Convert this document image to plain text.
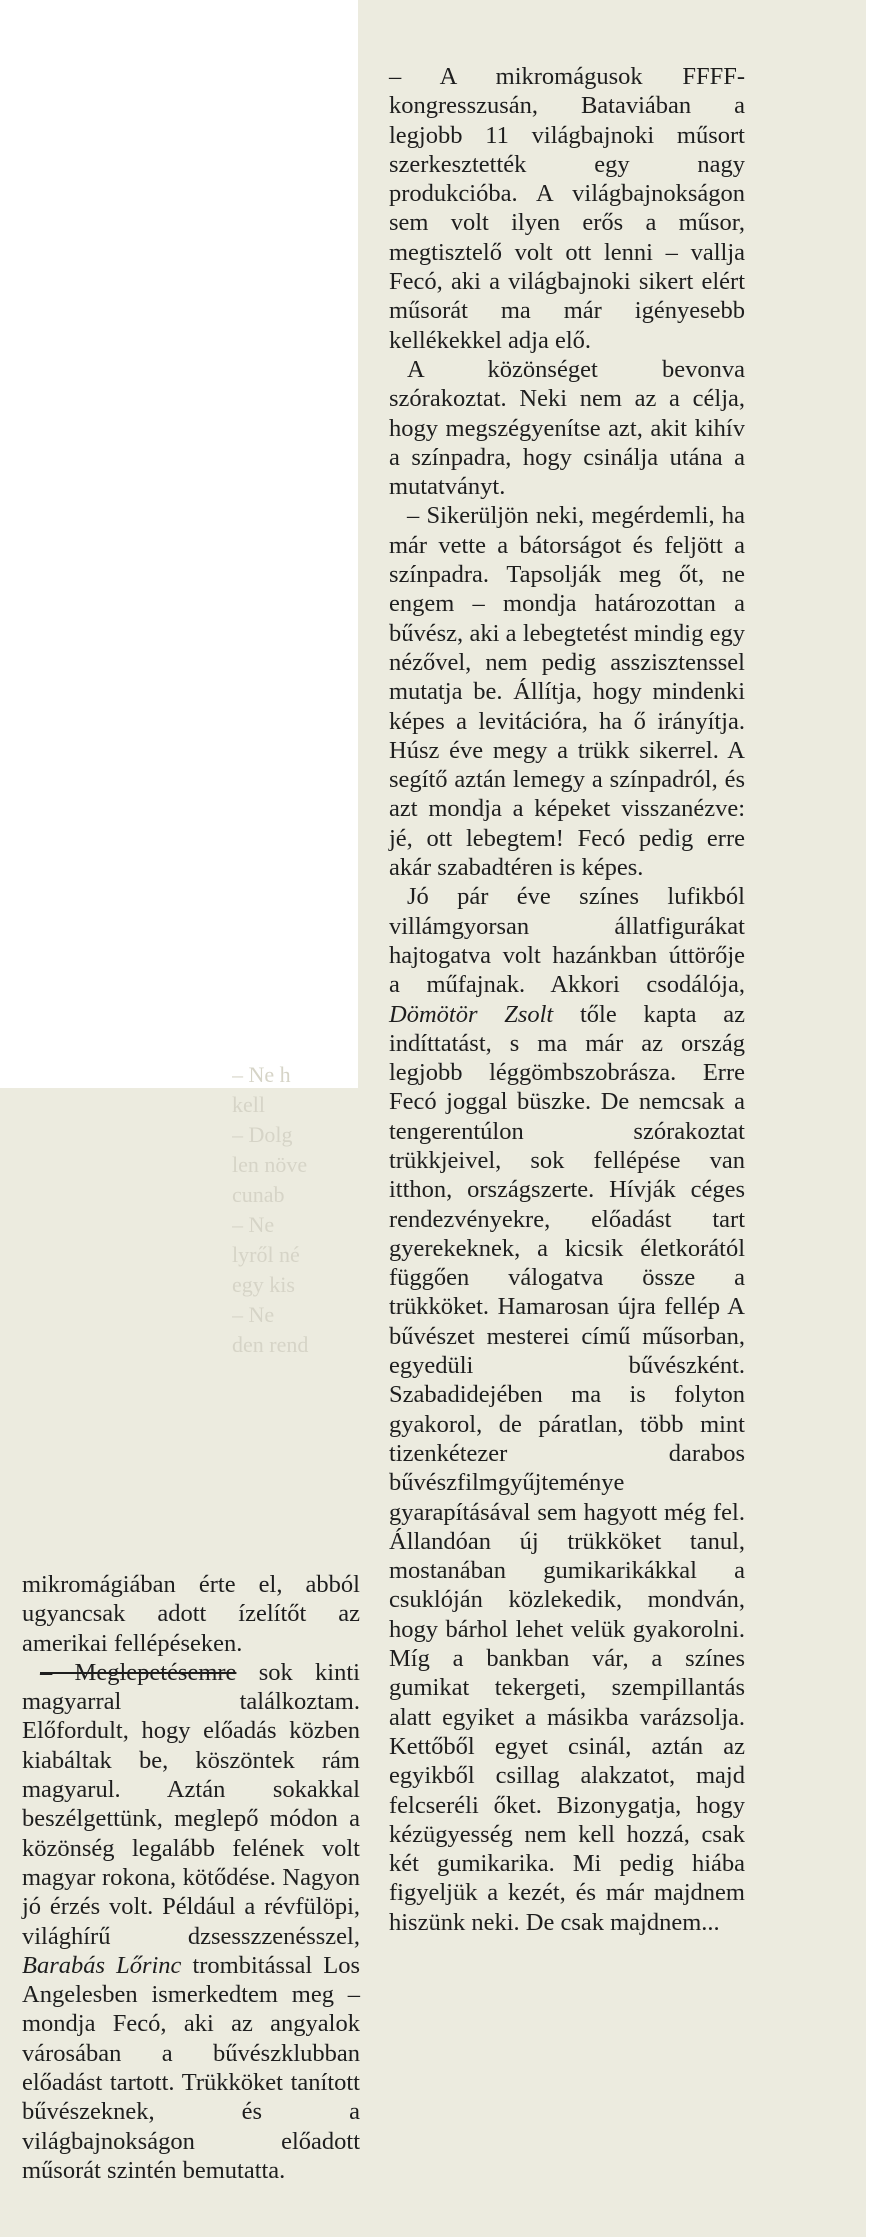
– Ne h
kell
– Dolg
len növe
cunab
– Ne
lyről né
egy kis
– Ne
den rend

– A mikromágusok FFFF-kongresszusán, Bataviában a legjobb 11 világbajnoki műsort szerkesztették egy nagy produkcióba. A világbajnokságon sem volt ilyen erős a műsor, megtisztelő volt ott lenni – vallja Fecó, aki a világbajnoki sikert elért műsorát ma már igényesebb kellékekkel adja elő.

A közönséget bevonva szórakoztat. Neki nem az a célja, hogy megszégyenítse azt, akit kihív a színpadra, hogy csinálja utána a mutatványt.

– Sikerüljön neki, megérdemli, ha már vette a bátorságot és feljött a színpadra. Tapsolják meg őt, ne engem – mondja határozottan a bűvész, aki a lebegtetést mindig egy nézővel, nem pedig asszisztenssel mutatja be. Állítja, hogy mindenki képes a levitációra, ha ő irányítja. Húsz éve megy a trükk sikerrel. A segítő aztán lemegy a színpadról, és azt mondja a képeket visszanézve: jé, ott lebegtem! Fecó pedig erre akár szabadtéren is képes.

Jó pár éve színes lufikból villámgyorsan állatfigurákat hajtogatva volt hazánkban úttörője a műfajnak. Akkori csodálója, Dömötör Zsolt tőle kapta az indíttatást, s ma már az ország legjobb léggömbszobrásza. Erre Fecó joggal büszke. De nemcsak a tengerentúlon szórakoztat trükkjeivel, sok fellépése van itthon, országszerte. Hívják céges rendezvényekre, előadást tart gyerekeknek, a kicsik életkorától függően válogatva össze a trükköket. Hamarosan újra fellép A bűvészet mesterei című műsorban, egyedüli bűvészként. Szabadidejében ma is folyton gyakorol, de páratlan, több mint tizenkétezer darabos bűvészfilmgyűjteménye gyarapításával sem hagyott még fel. Állandóan új trükköket tanul, mostanában gumikarikákkal a csuklóján közlekedik, mondván, hogy bárhol lehet velük gyakorolni. Míg a bankban vár, a színes gumikat tekergeti, szempillantás alatt egyiket a másikba varázsolja. Kettőből egyet csinál, aztán az egyikből csillag alakzatot, majd felcseréli őket. Bizonygatja, hogy kézügyesség nem kell hozzá, csak két gumikarika. Mi pedig hiába figyeljük a kezét, és már majdnem hiszünk neki. De csak majdnem...

mikromágiában érte el, abból ugyancsak adott ízelítőt az amerikai fellépéseken.

– Meglepetésemre sok kinti magyarral találkoztam. Előfordult, hogy előadás közben kiabáltak be, köszöntek rám magyarul. Aztán sokakkal beszélgettünk, meglepő módon a közönség legalább felének volt magyar rokona, kötődése. Nagyon jó érzés volt. Például a révfülöpi, világhírű dzsesszzenésszel, Barabás Lőrinc trombitással Los Angelesben ismerkedtem meg – mondja Fecó, aki az angyalok városában a bűvészklubban előadást tartott. Trükköket tanított bűvészeknek, és a világbajnokságon előadott műsorát szintén bemutatta.
